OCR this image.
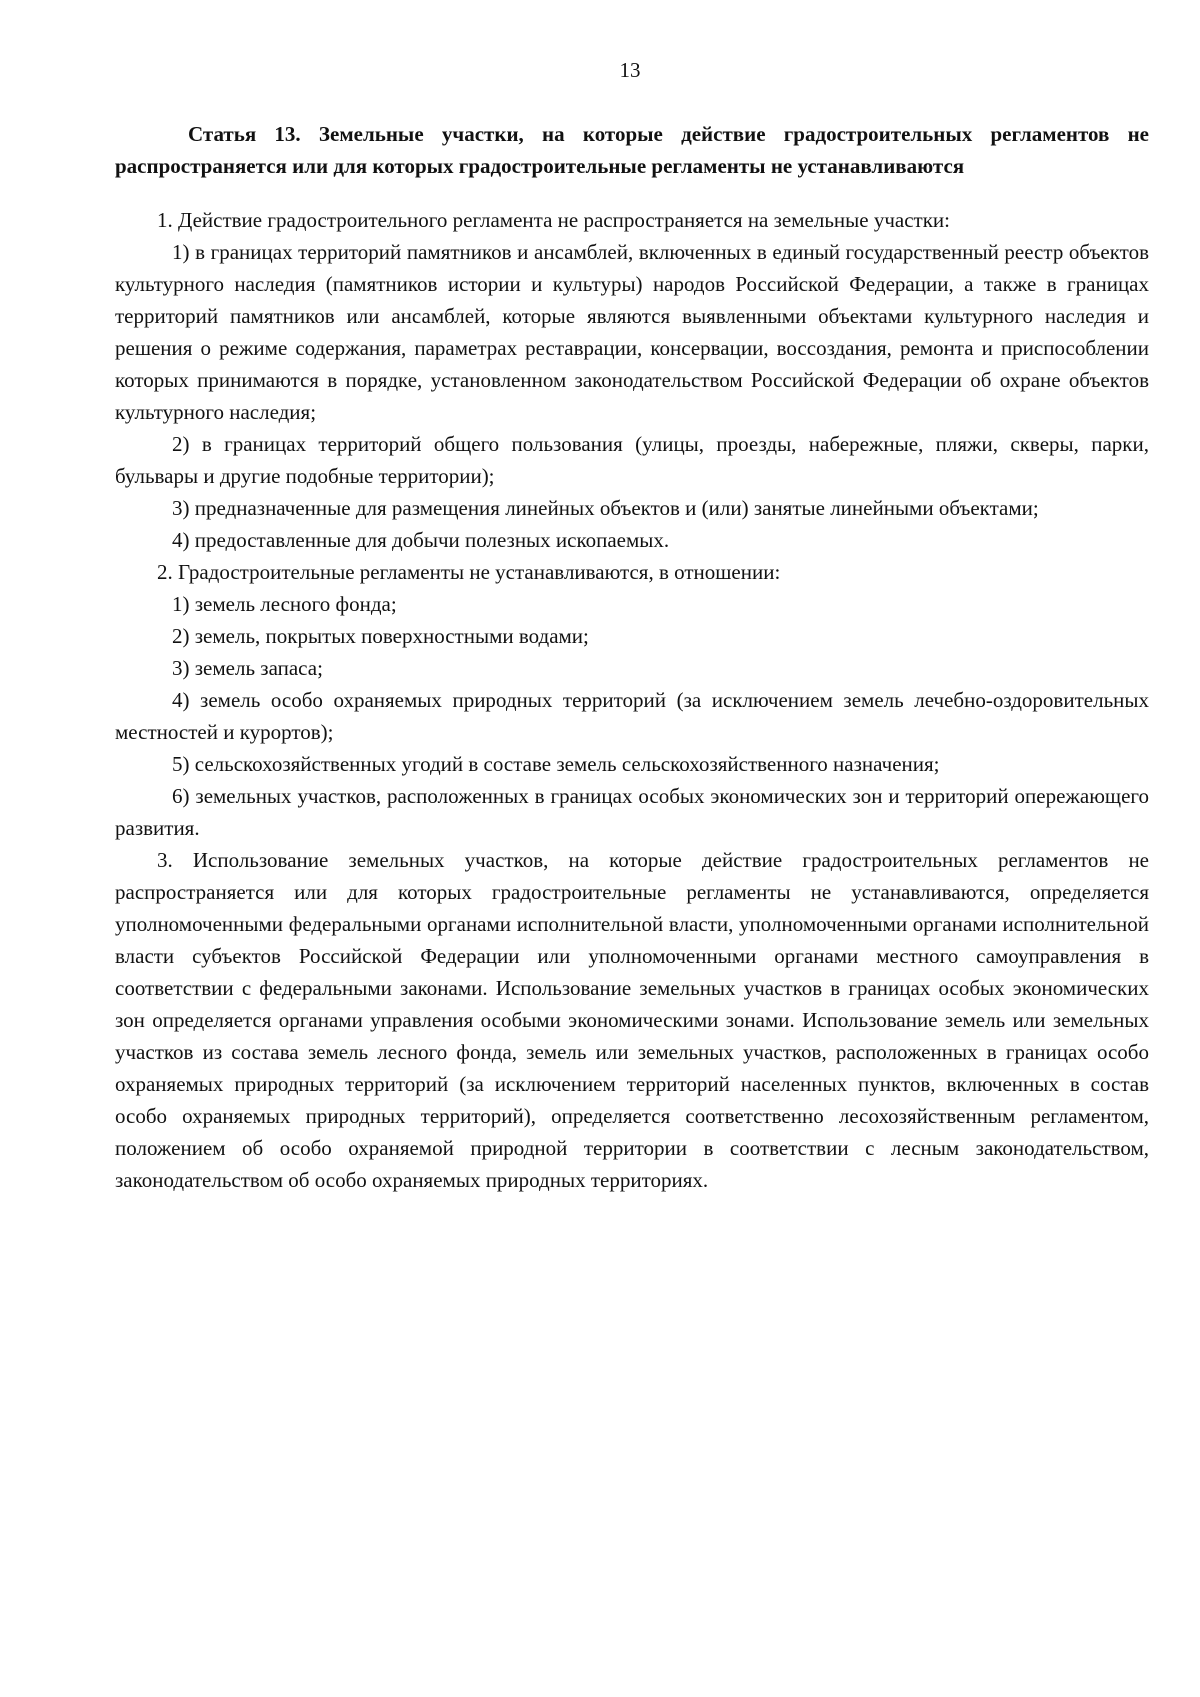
13
Статья 13. Земельные участки, на которые действие градостроительных регламентов не распространяется или для которых градостроительные регламенты не устанавливаются

1. Действие градостроительного регламента не распространяется на земельные участки:

1) в границах территорий памятников и ансамблей, включенных в единый государственный реестр объектов культурного наследия (памятников истории и культуры) народов Российской Федерации, а также в границах территорий памятников или ансамблей, которые являются выявленными объектами культурного наследия и решения о режиме содержания, параметрах реставрации, консервации, воссоздания, ремонта и приспособлении которых принимаются в порядке, установленном законодательством Российской Федерации об охране объектов культурного наследия;

2) в границах территорий общего пользования (улицы, проезды, набережные, пляжи, скверы, парки, бульвары и другие подобные территории);

3) предназначенные для размещения линейных объектов и (или) занятые линейными объектами;

4) предоставленные для добычи полезных ископаемых.

2. Градостроительные регламенты не устанавливаются, в отношении:

1) земель лесного фонда;

2) земель, покрытых поверхностными водами;

3) земель запаса;

4) земель особо охраняемых природных территорий (за исключением земель лечебно-оздоровительных местностей и курортов);

5) сельскохозяйственных угодий в составе земель сельскохозяйственного назначения;

6) земельных участков, расположенных в границах особых экономических зон и территорий опережающего развития.

3. Использование земельных участков, на которые действие градостроительных регламентов не распространяется или для которых градостроительные регламенты не устанавливаются, определяется уполномоченными федеральными органами исполнительной власти, уполномоченными органами исполнительной власти субъектов Российской Федерации или уполномоченными органами местного самоуправления в соответствии с федеральными законами. Использование земельных участков в границах особых экономических зон определяется органами управления особыми экономическими зонами. Использование земель или земельных участков из состава земель лесного фонда, земель или земельных участков, расположенных в границах особо охраняемых природных территорий (за исключением территорий населенных пунктов, включенных в состав особо охраняемых природных территорий), определяется соответственно лесохозяйственным регламентом, положением об особо охраняемой природной территории в соответствии с лесным законодательством, законодательством об особо охраняемых природных территориях.
